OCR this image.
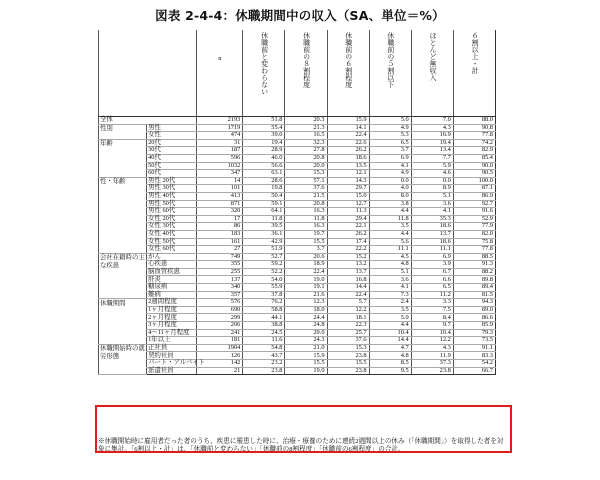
図表 2-4-4：休職期間中の収入（SA、単位＝%）
		n	休職前と変わらない	休職前の８割程度	休職前の６割程度	休職前の５割以下	ほとんど無収入	６割以上・計

全体		2193	51.8	20.3	15.9	5.0	7.0	88.0
性別	男性	1719	55.4	21.3	14.1	4.9	4.3	90.8
	女性	474	39.0	16.5	22.4	5.3	16.9	77.8
年齢	20代	31	19.4	32.3	22.6	6.5	19.4	74.2
	30代	187	28.9	27.8	26.2	3.7	13.4	82.9
	40代	596	46.0	20.8	18.6	6.9	7.7	85.4
	50代	1032	56.6	20.0	13.5	4.1	5.9	90.0
	60代	347	63.1	15.3	12.1	4.9	4.6	90.5
性・年齢	男性 20代	14	28.6	57.1	14.3	0.0	0.0	100.0
	男性 30代	101	19.8	37.6	29.7	4.0	8.9	87.1
	男性 40代	413	50.4	21.5	15.0	8.0	5.1	86.9
	男性 50代	871	59.1	20.8	12.7	3.8	3.6	92.7
	男性 60代	320	64.1	16.3	11.3	4.4	4.1	91.6
	女性 20代	17	11.8	11.8	29.4	11.8	35.3	52.9
	女性 30代	86	39.5	16.3	22.1	3.5	18.6	77.9
	女性 40代	183	36.1	19.7	26.2	4.4	13.7	82.0
	女性 50代	161	42.9	15.5	17.4	5.6	18.6	75.8
	女性 60代	27	51.9	3.7	22.2	11.1	11.1	77.8
会社在籍時の主な疾患	がん	749	52.7	20.6	15.2	4.5	6.9	88.5
	心疾患	355	59.2	18.9	13.2	4.8	3.9	91.3
	脳血管疾患	255	52.2	22.4	13.7	5.1	6.7	88.2
	肝炎	137	54.0	19.0	16.8	3.6	6.6	89.8
	糖尿病	340	55.9	19.1	14.4	4.1	6.5	89.4
	難病	357	37.8	21.6	22.4	7.3	11.2	81.5
休職期間	2週間程度	576	76.2	12.3	5.7	2.4	3.3	94.3
	1ヶ月程度	690	58.8	18.0	12.2	3.5	7.5	89.0
	2ヶ月程度	299	44.1	24.4	18.1	5.0	8.4	86.6
	3ヶ月程度	206	38.8	24.8	22.3	4.4	9.7	85.9
	4〜11ヶ月程度	241	24.5	29.0	25.7	10.4	10.4	79.3
	1年以上	181	11.6	24.3	37.6	14.4	12.2	73.5
休職開始時の就労形態	正社員	1904	54.8	21.0	15.3	4.7	4.3	91.1
	契約社員	126	43.7	15.9	23.8	4.8	11.9	83.3
	パート・アルバイト	142	23.2	15.5	15.5	8.5	37.3	54.2
	派遣社員	21	23.8	19.0	23.8	9.5	23.8	66.7
※休職開始時に雇用者だった者のうち、疾患に罹患した時に、治療・療養のために連続2週間以上の休み（「休職期間」）を取得した者を対象に集計。「6割以上・計」は、「休職前と変わらない」「休職前の8割程度」「休職前の6割程度」の合計。
